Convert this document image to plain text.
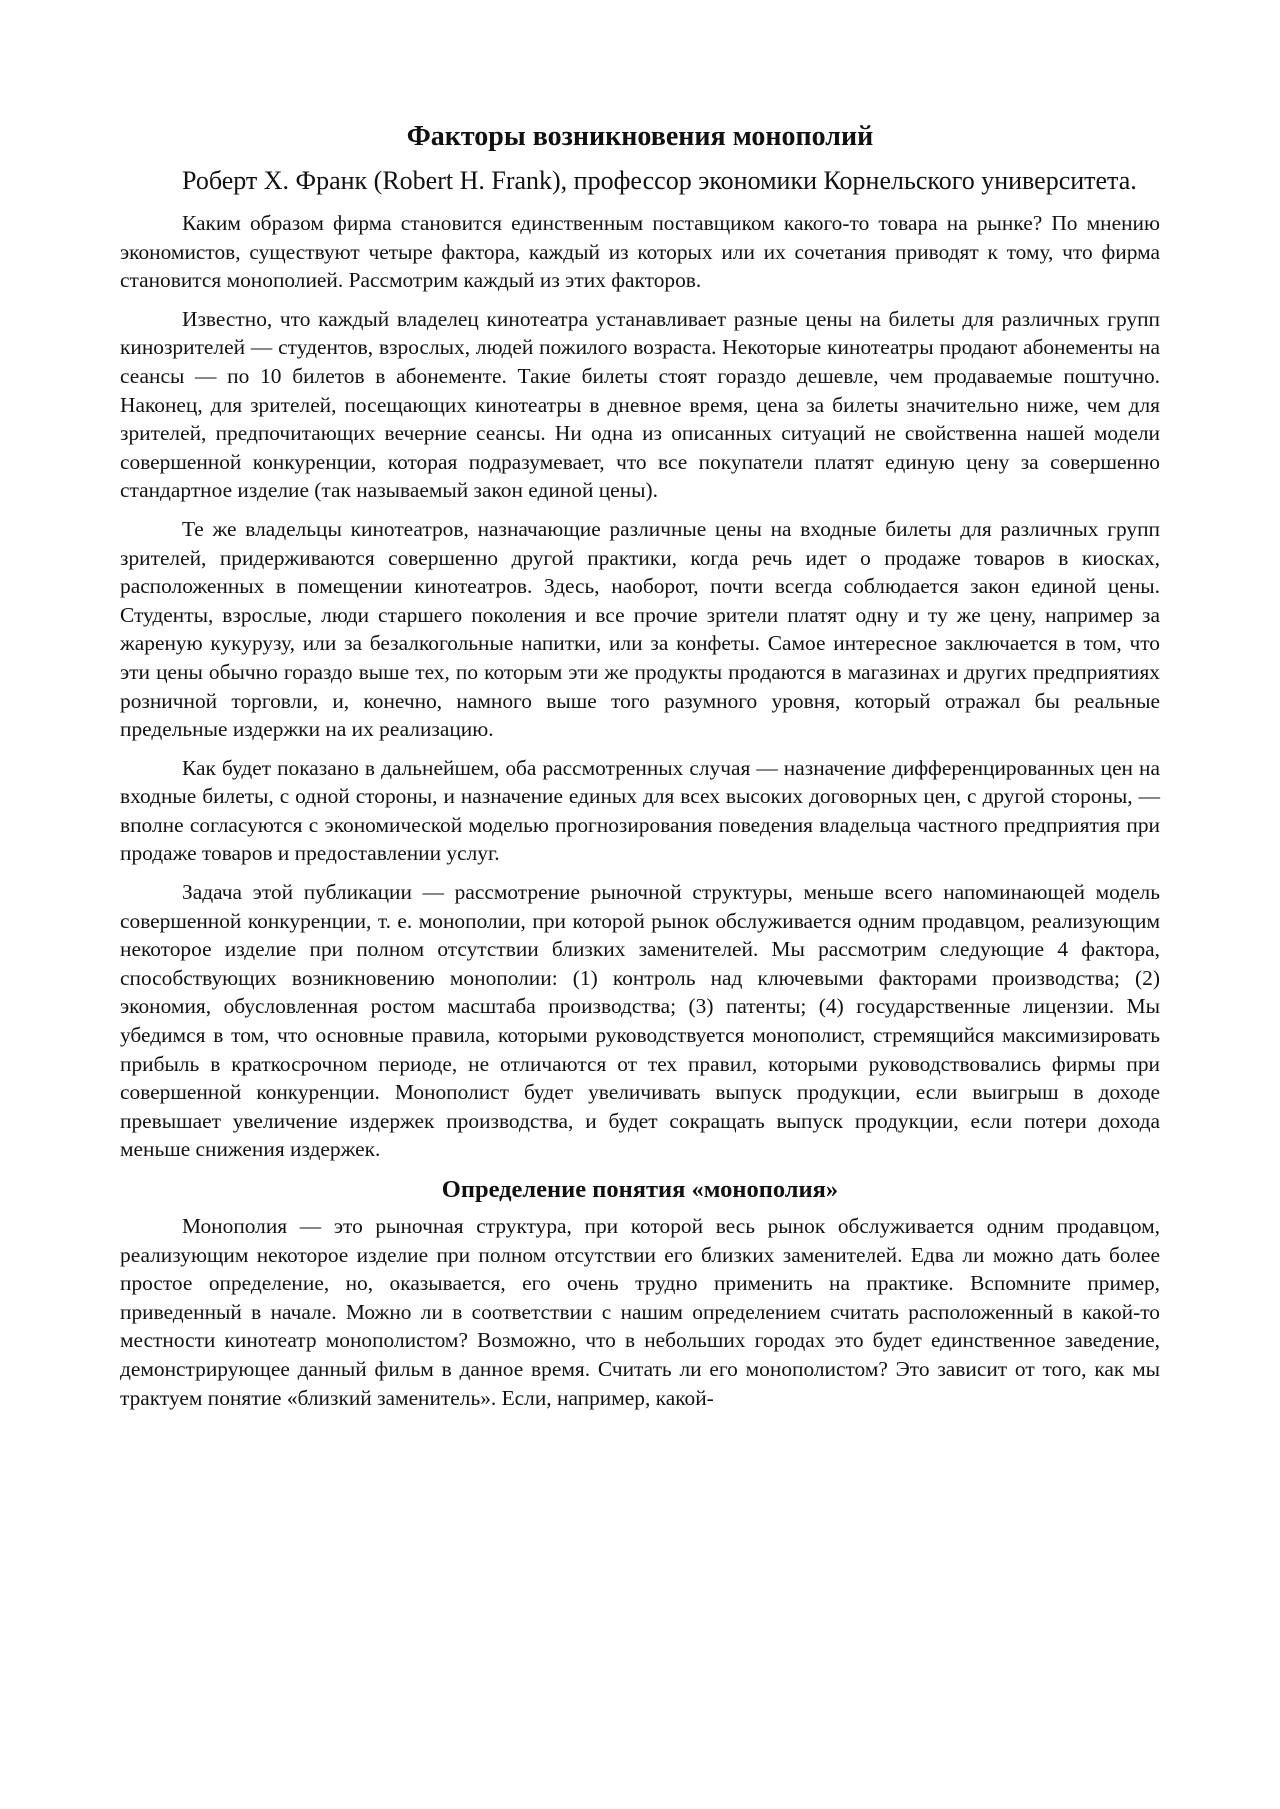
Факторы возникновения монополий
Роберт Х. Франк (Robert H. Frank), профессор экономики Корнельского университета.

Каким образом фирма становится единственным поставщиком какого-то товара на рынке? По мнению экономистов, существуют четыре фактора, каждый из которых или их сочетания приводят к тому, что фирма становится монополией. Рассмотрим каждый из этих факторов.

Известно, что каждый владелец кинотеатра устанавливает разные цены на билеты для различных групп кинозрителей — студентов, взрослых, людей пожилого возраста. Некоторые кинотеатры продают абонементы на сеансы — по 10 билетов в абонементе. Такие билеты стоят гораздо дешевле, чем продаваемые поштучно. Наконец, для зрителей, посещающих кинотеатры в дневное время, цена за билеты значительно ниже, чем для зрителей, предпочитающих вечерние сеансы. Ни одна из описанных ситуаций не свойственна нашей модели совершенной конкуренции, которая подразумевает, что все покупатели платят единую цену за совершенно стандартное изделие (так называемый закон единой цены).

Те же владельцы кинотеатров, назначающие различные цены на входные билеты для различных групп зрителей, придерживаются совершенно другой практики, когда речь идет о продаже товаров в киосках, расположенных в помещении кинотеатров. Здесь, наоборот, почти всегда соблюдается закон единой цены. Студенты, взрослые, люди старшего поколения и все прочие зрители платят одну и ту же цену, например за жареную кукурузу, или за безалкогольные напитки, или за конфеты. Самое интересное заключается в том, что эти цены обычно гораздо выше тех, по которым эти же продукты продаются в магазинах и других предприятиях розничной торговли, и, конечно, намного выше того разумного уровня, который отражал бы реальные предельные издержки на их реализацию.

Как будет показано в дальнейшем, оба рассмотренных случая — назначение дифференцированных цен на входные билеты, с одной стороны, и назначение единых для всех высоких договорных цен, с другой стороны, — вполне согласуются с экономической моделью прогнозирования поведения владельца частного предприятия при продаже товаров и предоставлении услуг.

Задача этой публикации — рассмотрение рыночной структуры, меньше всего напоминающей модель совершенной конкуренции, т. е. монополии, при которой рынок обслуживается одним продавцом, реализующим некоторое изделие при полном отсутствии близких заменителей. Мы рассмотрим следующие 4 фактора, способствующих возникновению монополии: (1) контроль над ключевыми факторами производства; (2) экономия, обусловленная ростом масштаба производства; (3) патенты; (4) государственные лицензии. Мы убедимся в том, что основные правила, которыми руководствуется монополист, стремящийся максимизировать прибыль в краткосрочном периоде, не отличаются от тех правил, которыми руководствовались фирмы при совершенной конкуренции. Монополист будет увеличивать выпуск продукции, если выигрыш в доходе превышает увеличение издержек производства, и будет сокращать выпуск продукции, если потери дохода меньше снижения издержек.

Определение понятия «монополия»

Монополия — это рыночная структура, при которой весь рынок обслуживается одним продавцом, реализующим некоторое изделие при полном отсутствии его близких заменителей. Едва ли можно дать более простое определение, но, оказывается, его очень трудно применить на практике. Вспомните пример, приведенный в начале. Можно ли в соответствии с нашим определением считать расположенный в какой-то местности кинотеатр монополистом? Возможно, что в небольших городах это будет единственное заведение, демонстрирующее данный фильм в данное время. Считать ли его монополистом? Это зависит от того, как мы трактуем понятие «близкий заменитель». Если, например, какой-
